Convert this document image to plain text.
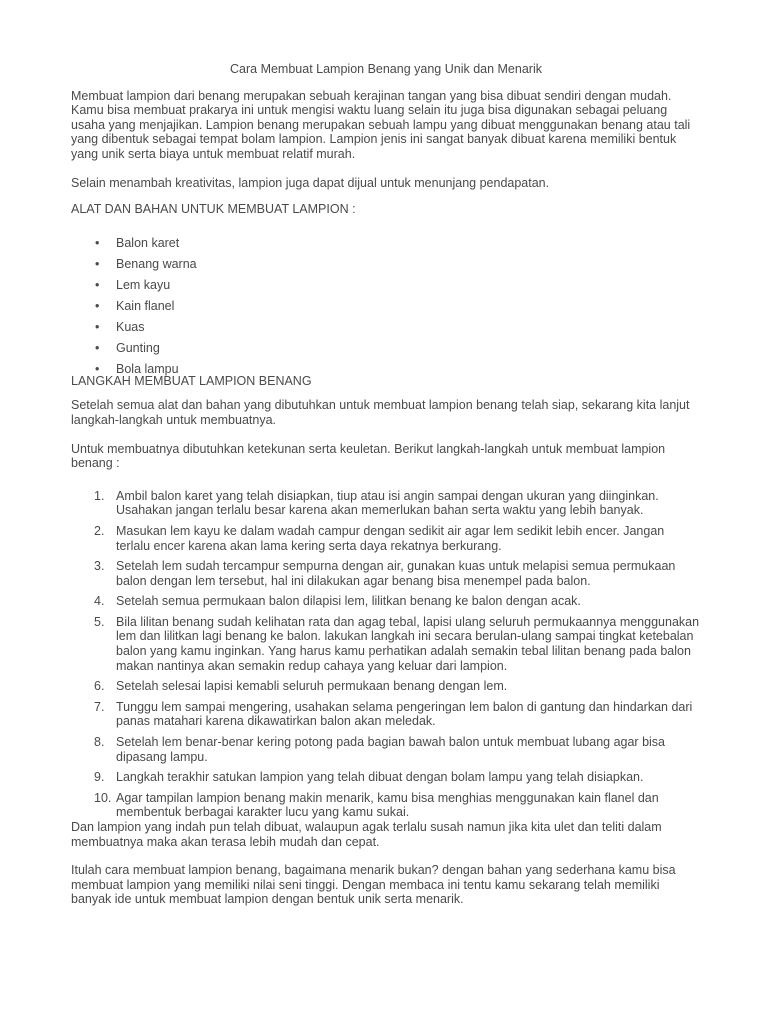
Cara Membuat Lampion Benang yang Unik dan Menarik

Membuat lampion dari benang merupakan sebuah kerajinan tangan yang bisa dibuat sendiri dengan mudah. Kamu bisa membuat prakarya ini untuk mengisi waktu luang selain itu juga bisa digunakan sebagai peluang usaha yang menjajikan. Lampion benang merupakan sebuah lampu yang dibuat menggunakan benang atau tali yang dibentuk sebagai tempat bolam lampion. Lampion jenis ini sangat banyak dibuat karena memiliki bentuk yang unik serta biaya untuk membuat relatif murah.

Selain menambah kreativitas, lampion juga dapat dijual untuk menunjang pendapatan.

ALAT DAN BAHAN UNTUK MEMBUAT LAMPION :

• Balon karet
• Benang warna
• Lem kayu
• Kain flanel
• Kuas
• Gunting
• Bola lampu

LANGKAH MEMBUAT LAMPION BENANG

Setelah semua alat dan bahan yang dibutuhkan untuk membuat lampion benang telah siap, sekarang kita lanjut langkah-langkah untuk membuatnya.

Untuk membuatnya dibutuhkan ketekunan serta keuletan. Berikut langkah-langkah untuk membuat lampion benang :

1. Ambil balon karet yang telah disiapkan, tiup atau isi angin sampai dengan ukuran yang diinginkan. Usahakan jangan terlalu besar karena akan memerlukan bahan serta waktu yang lebih banyak.
2. Masukan lem kayu ke dalam wadah campur dengan sedikit air agar lem sedikit lebih encer. Jangan terlalu encer karena akan lama kering serta daya rekatnya berkurang.
3. Setelah lem sudah tercampur sempurna dengan air, gunakan kuas untuk melapisi semua permukaan balon dengan lem tersebut, hal ini dilakukan agar benang bisa menempel pada balon.
4. Setelah semua permukaan balon dilapisi lem, lilitkan benang ke balon dengan acak.
5. Bila lilitan benang sudah kelihatan rata dan agag tebal, lapisi ulang seluruh permukaannya menggunakan lem dan lilitkan lagi benang ke balon. lakukan langkah ini secara berulan-ulang sampai tingkat ketebalan balon yang kamu inginkan. Yang harus kamu perhatikan adalah semakin tebal lilitan benang pada balon makan nantinya akan semakin redup cahaya yang keluar dari lampion.
6. Setelah selesai lapisi kemabli seluruh permukaan benang dengan lem.
7. Tunggu lem sampai mengering, usahakan selama pengeringan lem balon di gantung dan hindarkan dari panas matahari karena dikawatirkan balon akan meledak.
8. Setelah lem benar-benar kering potong pada bagian bawah balon untuk membuat lubang agar bisa dipasang lampu.
9. Langkah terakhir satukan lampion yang telah dibuat dengan bolam lampu yang telah disiapkan.
10. Agar tampilan lampion benang makin menarik, kamu bisa menghias menggunakan kain flanel dan membentuk berbagai karakter lucu yang kamu sukai.

Dan lampion yang indah pun telah dibuat, walaupun agak terlalu susah namun jika kita ulet dan teliti dalam membuatnya maka akan terasa lebih mudah dan cepat.

Itulah cara membuat lampion benang, bagaimana menarik bukan? dengan bahan yang sederhana kamu bisa membuat lampion yang memiliki nilai seni tinggi. Dengan membaca ini tentu kamu sekarang telah memiliki banyak ide untuk membuat lampion dengan bentuk unik serta menarik.
